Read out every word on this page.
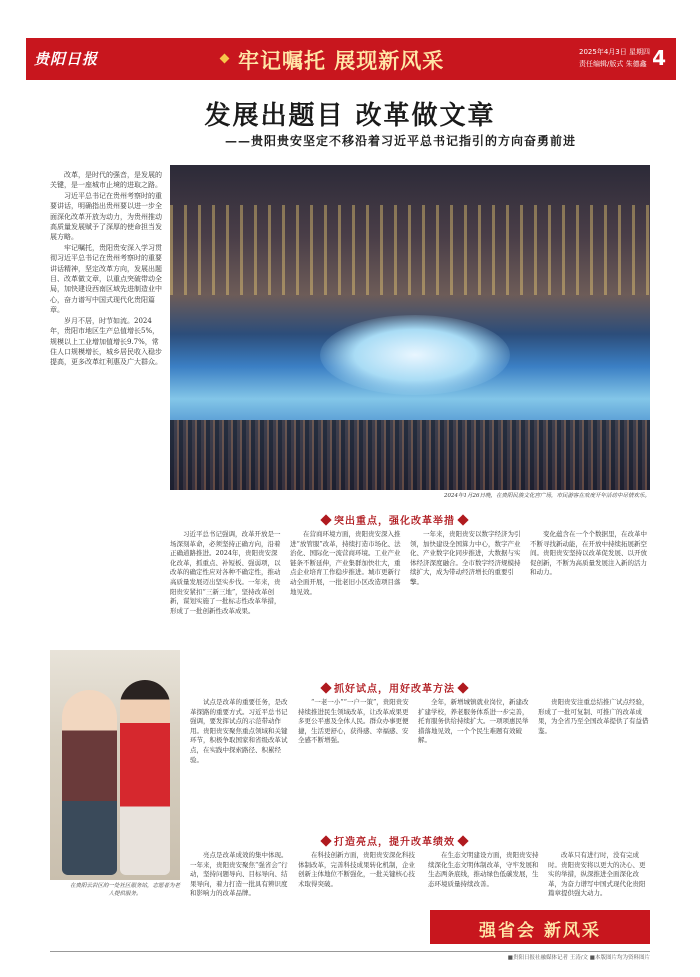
贵阳日报	牢记嘱托 展现新风采	2025年4月3日 星期四
责任编辑/版式 朱德鑫 4
发展出题目 改革做文章
——贵阳贵安坚定不移沿着习近平总书记指引的方向奋勇前进

改革，是时代的强音，是发展的关键，是一座城市止境的进取之路。

习近平总书记在贵州考察时的重要讲话，明确指出贵州要以进一步全面深化改革开放为动力，为贵州推动高质量发展赋予了深厚的使命担当发展方略。

牢记嘱托，贵阳贵安深入学习贯彻习近平总书记在贵州考察时的重要讲话精神，坚定改革方向，发展出题目、改革做文章，以重点突破带动全局，加快建设西南区域先进制造业中心，奋力谱写中国式现代化贵阳篇章。

岁月不居，时节如流。2024年，贵阳市地区生产总值增长5%，规模以上工业增加值增长9.7%，常住人口规模增长，城乡居民收入稳步提高，更多改革红利惠及广大群众。

2024年1月26日晚，在贵阳民族文化宫广场，市民游客在欢度开年活动中尽情欢乐。
突出重点，强化改革举措
习近平总书记强调，改革开放是一场深刻革命，必须坚持正确方向，沿着正确道路推进。2024年，贵阳贵安深化改革，抓重点、补短板、强弱项，以改革的确定性应对各种不确定性，推动高质量发展迈出坚实步伐。一年来，贵阳贵安紧扣“三新三地”，坚持改革创新，谋划实施了一批标志性改革举措，形成了一批创新性改革成果。
在营商环境方面，贵阳贵安深入推进“放管服”改革，持续打造市场化、法治化、国际化一流营商环境。工业产业链条不断延伸，产业集群加快壮大，重点企业培育工作稳步推进。城市更新行动全面开展，一批老旧小区改造项目落地见效。
一年来，贵阳贵安以数字经济为引领，加快建设全国算力中心，数字产业化、产业数字化同步推进，大数据与实体经济深度融合。全市数字经济规模持续扩大，成为带动经济增长的重要引擎。
变化蕴含在一个个数据里，在改革中不断寻找新动能，在开放中持续拓展新空间。贵阳贵安坚持以改革促发展、以开放促创新，不断为高质量发展注入新的活力和动力。
抓好试点，用好改革方法
试点是改革的重要任务，是改革探路的重要方式。习近平总书记强调，要发挥试点的示范带动作用。贵阳贵安聚焦重点领域和关键环节，积极争取国家和省级改革试点，在实践中探索路径、积累经验。
“一老一小”“一户一策”，贵阳贵安持续推进民生领域改革，让改革成果更多更公平惠及全体人民。群众办事更便捷，生活更舒心，获得感、幸福感、安全感不断增强。
全年，新增城镇就业岗位，新建改扩建学校，养老服务体系进一步完善，托育服务供给持续扩大。一项项惠民举措落地见效，一个个民生难题有效破解。
贵阳贵安注重总结推广试点经验，形成了一批可复制、可推广的改革成果，为全省乃至全国改革提供了有益借鉴。
在贵阳云岩区的一处社区服务站，志愿者为老人提供服务。
打造亮点，提升改革绩效
亮点是改革成效的集中体现。一年来，贵阳贵安聚焦“强省会”行动，坚持问题导向、目标导向、结果导向，着力打造一批具有辨识度和影响力的改革品牌。
在科技创新方面，贵阳贵安深化科技体制改革，完善科技成果转化机制，企业创新主体地位不断强化，一批关键核心技术取得突破。
在生态文明建设方面，贵阳贵安持续深化生态文明体制改革，守牢发展和生态两条底线，推动绿色低碳发展，生态环境质量持续改善。
改革只有进行时，没有完成时。贵阳贵安将以更大的决心、更实的举措，纵深推进全面深化改革，为奋力谱写中国式现代化贵阳篇章提供强大动力。
强省会 新风采
■贵阳日报社融媒体记者 王涛/文 ■本版图片均为资料图片
